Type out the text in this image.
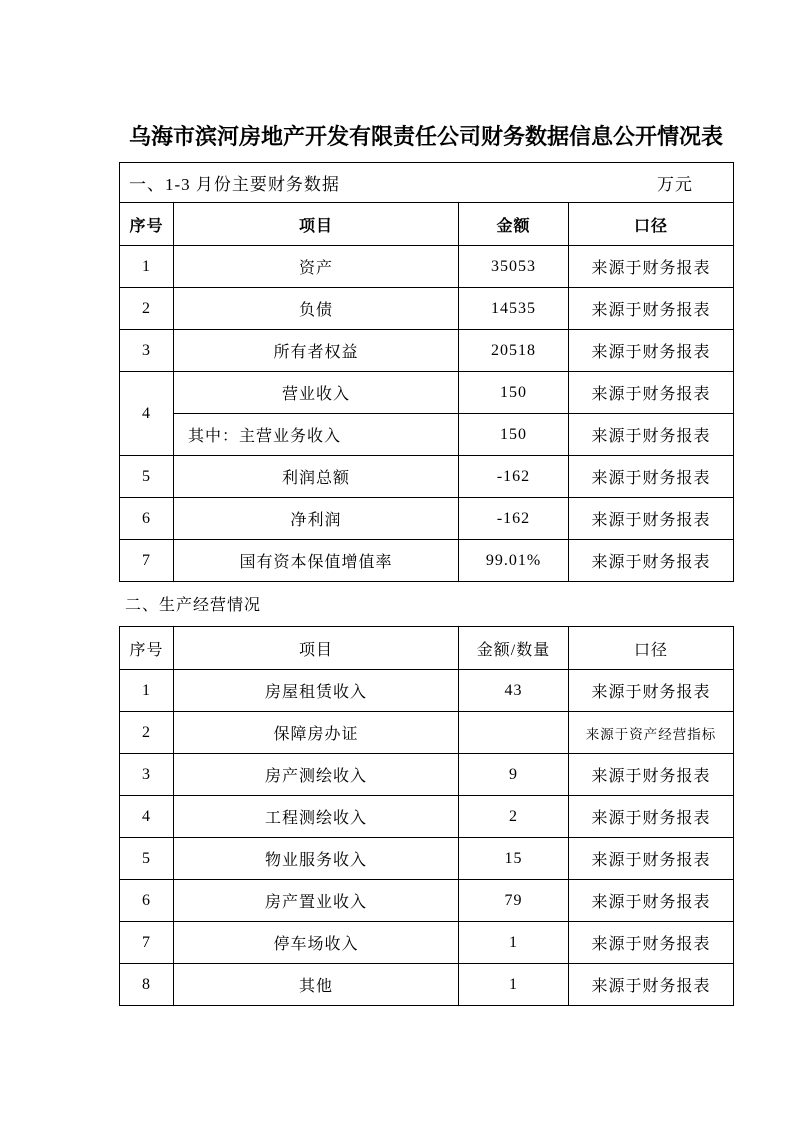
乌海市滨河房地产开发有限责任公司财务数据信息公开情况表
一、1-3 月份主要财务数据 万元			

序号	项目	金额	口径
1	资产	35053	来源于财务报表
2	负债	14535	来源于财务报表
3	所有者权益	20518	来源于财务报表
4	营业收入	150	来源于财务报表
	其中：主营业务收入	150	来源于财务报表
5	利润总额	-162	来源于财务报表
6	净利润	-162	来源于财务报表
7	国有资本保值增值率	99.01%	来源于财务报表
二、生产经营情况
序号	项目	金额/数量	口径
1	房屋租赁收入	43	来源于财务报表
2	保障房办证		来源于资产经营指标
3	房产测绘收入	9	来源于财务报表
4	工程测绘收入	2	来源于财务报表
5	物业服务收入	15	来源于财务报表
6	房产置业收入	79	来源于财务报表
7	停车场收入	1	来源于财务报表
8	其他	1	来源于财务报表
